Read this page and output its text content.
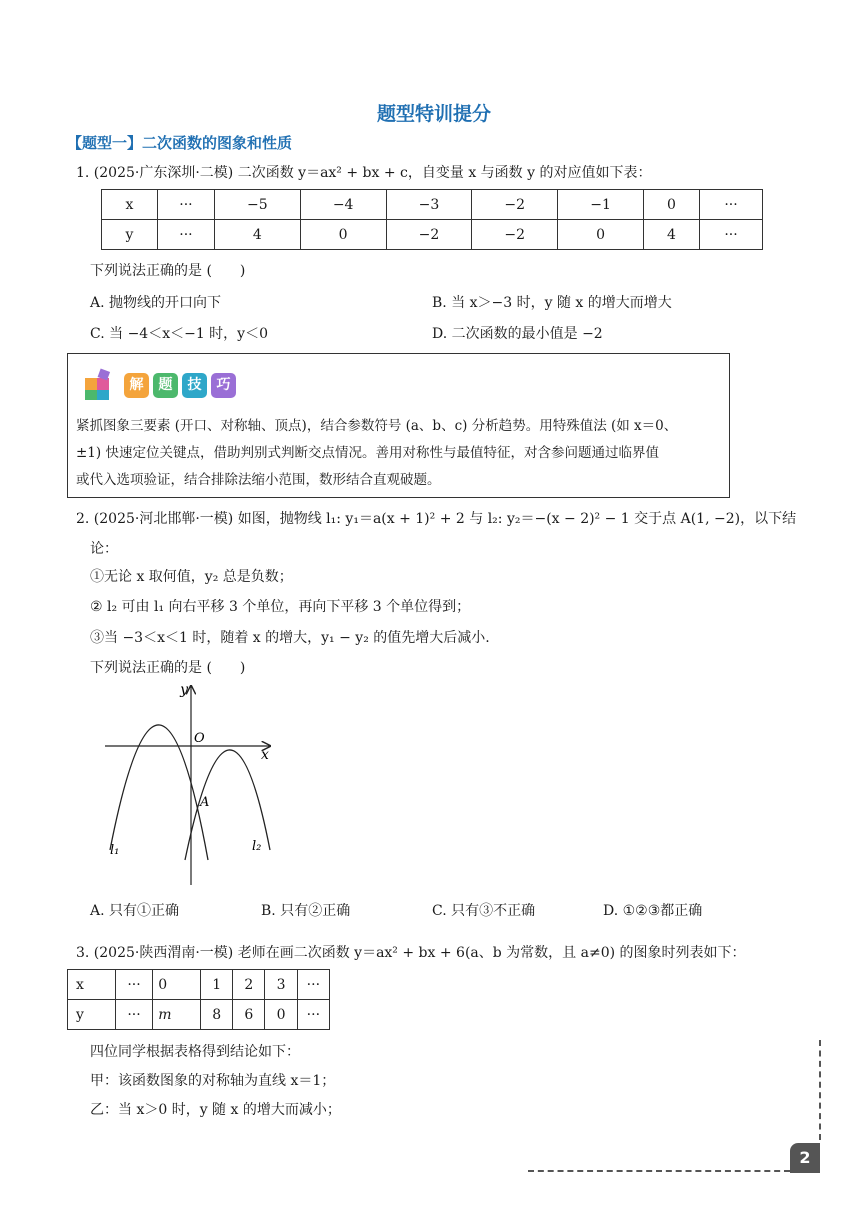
题型特训提分
【题型一】二次函数的图象和性质
1. (2025·广东深圳·二模) 二次函数 y＝ax² + bx + c，自变量 x 与函数 y 的对应值如下表：
x	···	−5	−4	−3	−2	−1	0	···
y	···	4	0	−2	−2	0	4	···
下列说法正确的是 (　　)
A. 抛物线的开口向下	B. 当 x＞−3 时，y 随 x 的增大而增大
C. 当 −4＜x＜−1 时，y＜0	D. 二次函数的最小值是 −2
解	题	技	巧
紧抓图象三要素 (开口、对称轴、顶点)，结合参数符号 (a、b、c) 分析趋势。用特殊值法 (如 x＝0、
±1) 快速定位关键点，借助判别式判断交点情况。善用对称性与最值特征，对含参问题通过临界值
或代入选项验证，结合排除法缩小范围，数形结合直观破题。
2. (2025·河北邯郸·一模) 如图，抛物线 l₁: y₁＝a(x + 1)² + 2 与 l₂: y₂＝−(x − 2)² − 1 交于点 A(1, −2)，以下结
论：
①无论 x 取何值，y₂ 总是负数；
② l₂ 可由 l₁ 向右平移 3 个单位，再向下平移 3 个单位得到；
③当 −3＜x＜1 时，随着 x 的增大，y₁ − y₂ 的值先增大后减小.
下列说法正确的是 (　　)
y
x
O
A
l₁	l₂
A. 只有①正确	B. 只有②正确	C. 只有③不正确	D. ①②③都正确
3. (2025·陕西渭南·一模) 老师在画二次函数 y＝ax² + bx + 6(a、b 为常数，且 a≠0) 的图象时列表如下：
x	···	0	1	2	3	···
y	···	m	8	6	0	···
四位同学根据表格得到结论如下：
甲：该函数图象的对称轴为直线 x＝1；
乙：当 x＞0 时，y 随 x 的增大而减小；
2
